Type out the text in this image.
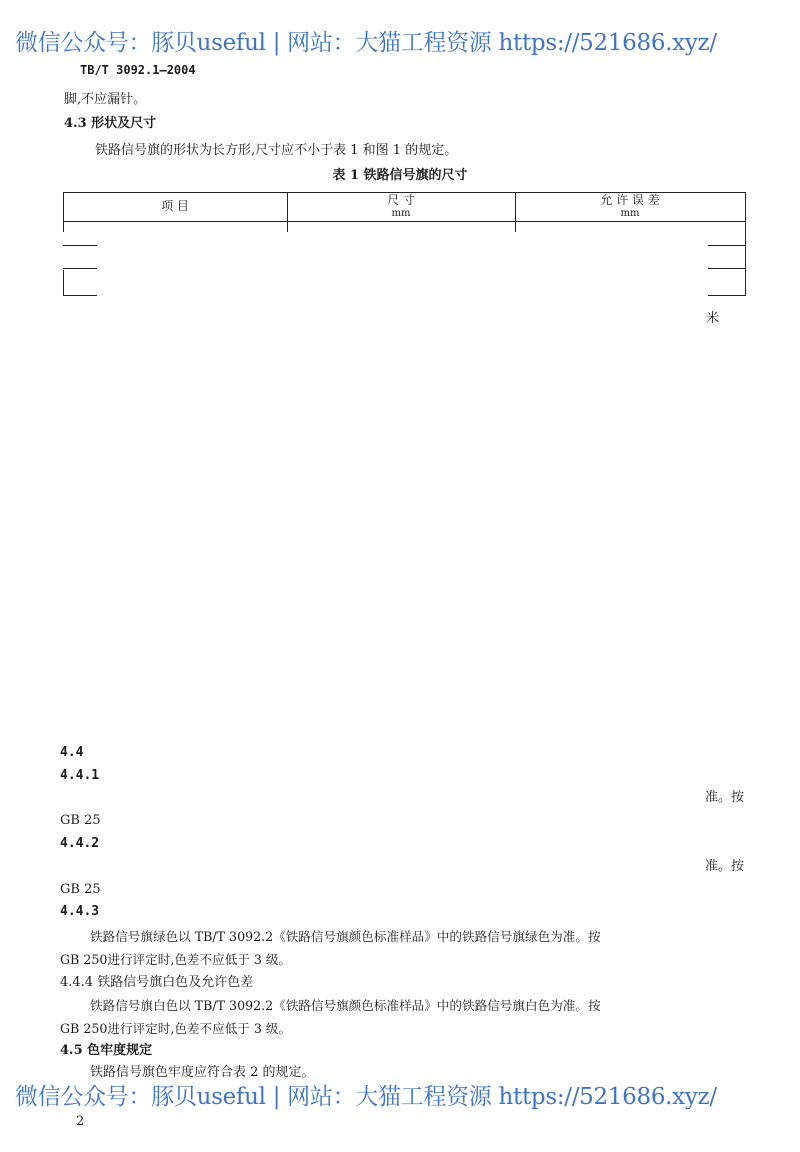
微信公众号：豚贝useful | 网站：大猫工程资源 https://521686.xyz/
TB/T 3092.1—2004
脚,不应漏针。
4.3 形状及尺寸
铁路信号旗的形状为长方形,尺寸应不小于表 1 和图 1 的规定。
表 1 铁路信号旗的尺寸
项 目	尺 寸
mm
允 许 误 差
mm
米
4.4
4.4.1
准。按
GB 25
4.4.2
准。按
GB 25
4.4.3
铁路信号旗绿色以 TB/T 3092.2《铁路信号旗颜色标准样品》中的铁路信号旗绿色为准。按
GB 250进行评定时,色差不应低于 3 级。
4.4.4 铁路信号旗白色及允许色差
铁路信号旗白色以 TB/T 3092.2《铁路信号旗颜色标准样品》中的铁路信号旗白色为准。按
GB 250进行评定时,色差不应低于 3 级。
4.5 色牢度规定
铁路信号旗色牢度应符合表 2 的规定。
微信公众号：豚贝useful | 网站：大猫工程资源 https://521686.xyz/
2
